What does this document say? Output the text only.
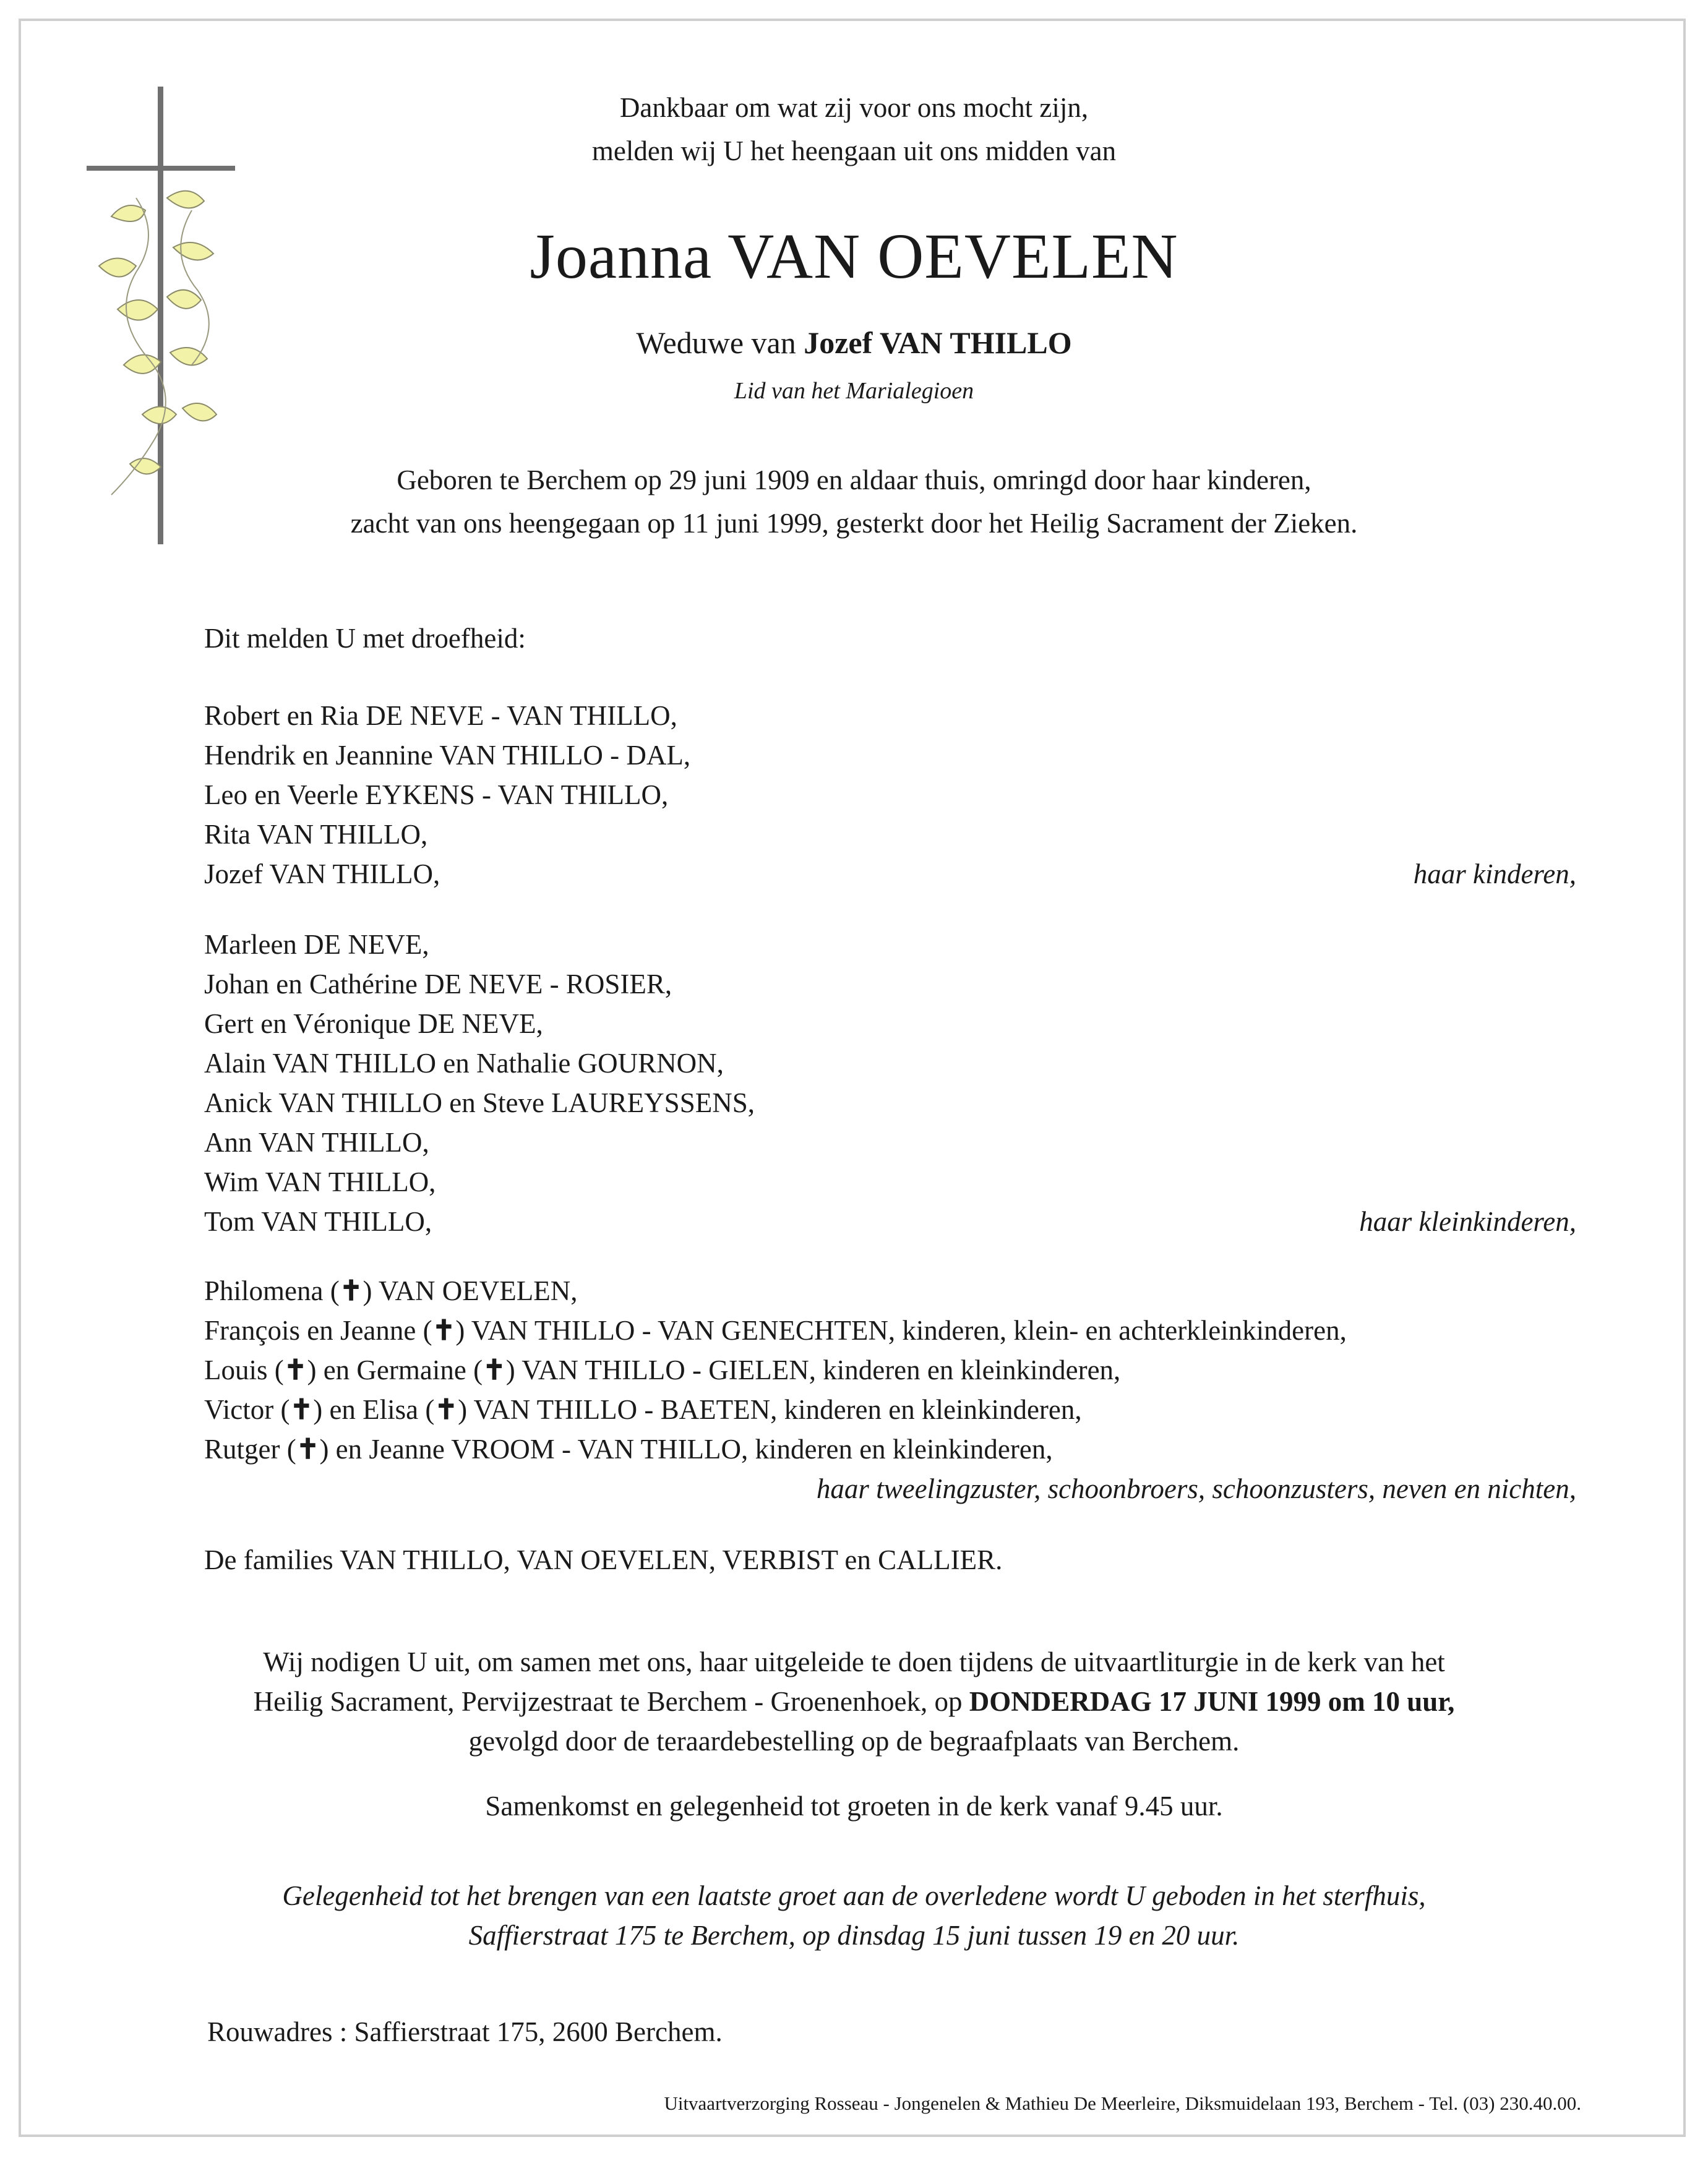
Dankbaar om wat zij voor ons mocht zijn,
melden wij U het heengaan uit ons midden van
Joanna VAN OEVELEN
Weduwe van Jozef VAN THILLO
Lid van het Marialegioen
Geboren te Berchem op 29 juni 1909 en aldaar thuis, omringd door haar kinderen,
zacht van ons heengegaan op 11 juni 1999, gesterkt door het Heilig Sacrament der Zieken.
Dit melden U met droefheid:

Robert en Ria DE NEVE - VAN THILLO,

Hendrik en Jeannine VAN THILLO - DAL,

Leo en Veerle EYKENS - VAN THILLO,

Rita VAN THILLO,

Jozef VAN THILLO,	haar kinderen,

Marleen DE NEVE,

Johan en Cathérine DE NEVE - ROSIER,

Gert en Véronique DE NEVE,

Alain VAN THILLO en Nathalie GOURNON,

Anick VAN THILLO en Steve LAUREYSSENS,

Ann VAN THILLO,

Wim VAN THILLO,

Tom VAN THILLO,	haar kleinkinderen,

Philomena (✝) VAN OEVELEN,

François en Jeanne (✝) VAN THILLO - VAN GENECHTEN, kinderen, klein- en achterkleinkinderen,

Louis (✝) en Germaine (✝) VAN THILLO - GIELEN, kinderen en kleinkinderen,

Victor (✝) en Elisa (✝) VAN THILLO - BAETEN, kinderen en kleinkinderen,

Rutger (✝) en Jeanne VROOM - VAN THILLO, kinderen en kleinkinderen,

haar tweelingzuster, schoonbroers, schoonzusters, neven en nichten,
De families VAN THILLO, VAN OEVELEN, VERBIST en CALLIER.
Wij nodigen U uit, om samen met ons, haar uitgeleide te doen tijdens de uitvaartliturgie in de kerk van het
Heilig Sacrament, Pervijzestraat te Berchem - Groenenhoek, op DONDERDAG 17 JUNI 1999 om 10 uur,
gevolgd door de teraardebestelling op de begraafplaats van Berchem.
Samenkomst en gelegenheid tot groeten in de kerk vanaf 9.45 uur.
Gelegenheid tot het brengen van een laatste groet aan de overledene wordt U geboden in het sterfhuis,
Saffierstraat 175 te Berchem, op dinsdag 15 juni tussen 19 en 20 uur.
Rouwadres : Saffierstraat 175, 2600 Berchem.
Uitvaartverzorging Rosseau - Jongenelen & Mathieu De Meerleire, Diksmuidelaan 193, Berchem - Tel. (03) 230.40.00.
